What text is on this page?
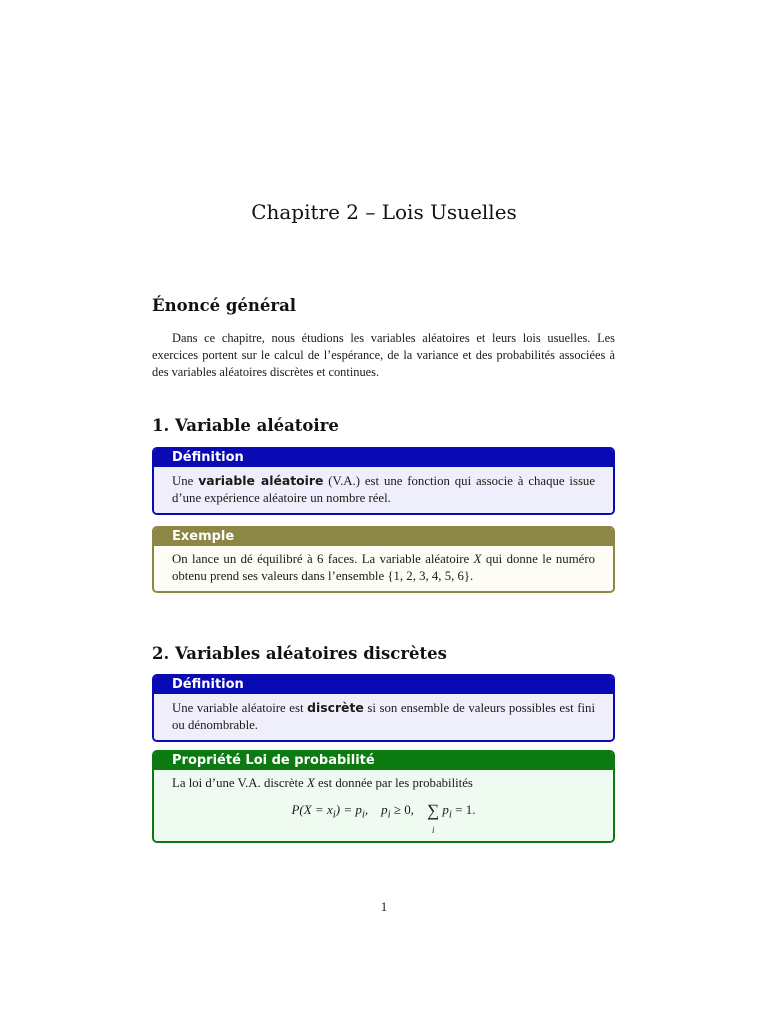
Chapitre 2 – Lois Usuelles
Énoncé général
Dans ce chapitre, nous étudions les variables aléatoires et leurs lois usuelles. Les exercices portent sur le calcul de l’espérance, de la variance et des probabilités associées à des variables aléatoires discrètes et continues.
1. Variable aléatoire
Définition
Une variable aléatoire (V.A.) est une fonction qui associe à chaque issue d’une expérience aléatoire un nombre réel.
Exemple
On lance un dé équilibré à 6 faces. La variable aléatoire X qui donne le numéro obtenu prend ses valeurs dans l’ensemble {1, 2, 3, 4, 5, 6}.
2. Variables aléatoires discrètes
Définition
Une variable aléatoire est discrète si son ensemble de valeurs possibles est fini ou dénombrable.
Propriété Loi de probabilité
La loi d’une V.A. discrète X est donnée par les probabilités
$P(X = x_i) = p_i$,    $p_i \ge 0$,    ∑
i
$p_i = 1$.
1
